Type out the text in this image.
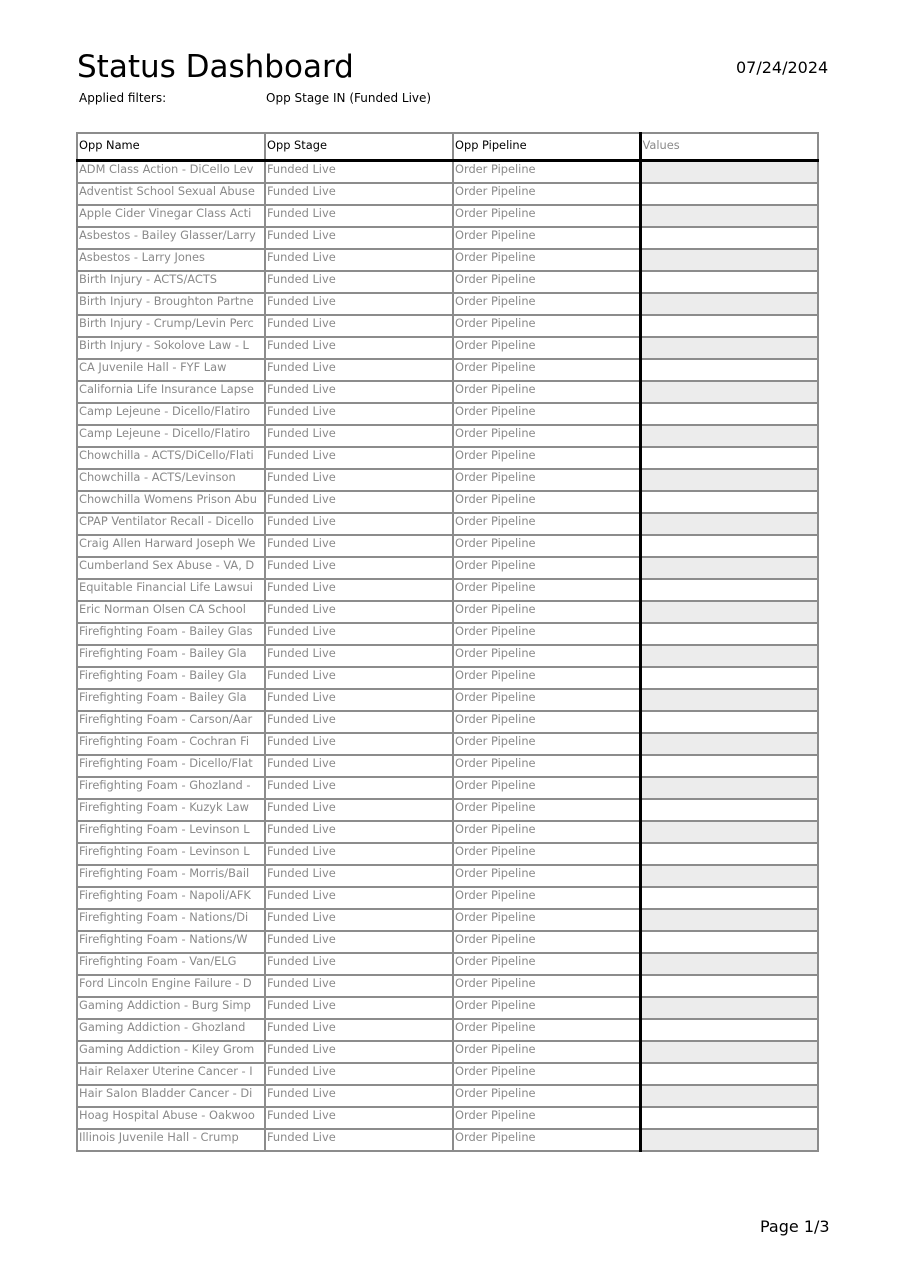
Status Dashboard	07/24/2024
Applied filters:	Opp Stage IN (Funded Live)
Opp Name	Opp Stage	Opp Pipeline	Values
ADM Class Action - DiCello Lev	Funded Live	Order Pipeline	
Adventist School Sexual Abuse	Funded Live	Order Pipeline	
Apple Cider Vinegar Class Acti	Funded Live	Order Pipeline	
Asbestos - Bailey Glasser/Larry	Funded Live	Order Pipeline	
Asbestos - Larry Jones	Funded Live	Order Pipeline	
Birth Injury - ACTS/ACTS	Funded Live	Order Pipeline	
Birth Injury - Broughton Partne	Funded Live	Order Pipeline	
Birth Injury - Crump/Levin Perc	Funded Live	Order Pipeline	
Birth Injury - Sokolove Law - L	Funded Live	Order Pipeline	
CA Juvenile Hall - FYF Law	Funded Live	Order Pipeline	
California Life Insurance Lapse	Funded Live	Order Pipeline	
Camp Lejeune - Dicello/Flatiro	Funded Live	Order Pipeline	
Camp Lejeune - Dicello/Flatiro	Funded Live	Order Pipeline	
Chowchilla - ACTS/DiCello/Flati	Funded Live	Order Pipeline	
Chowchilla - ACTS/Levinson	Funded Live	Order Pipeline	
Chowchilla Womens Prison Abu	Funded Live	Order Pipeline	
CPAP Ventilator Recall - Dicello	Funded Live	Order Pipeline	
Craig Allen Harward Joseph We	Funded Live	Order Pipeline	
Cumberland Sex Abuse - VA, D	Funded Live	Order Pipeline	
Equitable Financial Life Lawsui	Funded Live	Order Pipeline	
Eric Norman Olsen CA School	Funded Live	Order Pipeline	
Firefighting Foam - Bailey Glas	Funded Live	Order Pipeline	
Firefighting Foam - Bailey Gla	Funded Live	Order Pipeline	
Firefighting Foam - Bailey Gla	Funded Live	Order Pipeline	
Firefighting Foam - Bailey Gla	Funded Live	Order Pipeline	
Firefighting Foam - Carson/Aar	Funded Live	Order Pipeline	
Firefighting Foam - Cochran Fi	Funded Live	Order Pipeline	
Firefighting Foam - Dicello/Flat	Funded Live	Order Pipeline	
Firefighting Foam - Ghozland -	Funded Live	Order Pipeline	
Firefighting Foam - Kuzyk Law	Funded Live	Order Pipeline	
Firefighting Foam - Levinson L	Funded Live	Order Pipeline	
Firefighting Foam - Levinson L	Funded Live	Order Pipeline	
Firefighting Foam - Morris/Bail	Funded Live	Order Pipeline	
Firefighting Foam - Napoli/AFK	Funded Live	Order Pipeline	
Firefighting Foam - Nations/Di	Funded Live	Order Pipeline	
Firefighting Foam - Nations/W	Funded Live	Order Pipeline	
Firefighting Foam - Van/ELG	Funded Live	Order Pipeline	
Ford Lincoln Engine Failure - D	Funded Live	Order Pipeline	
Gaming Addiction - Burg Simp	Funded Live	Order Pipeline	
Gaming Addiction - Ghozland	Funded Live	Order Pipeline	
Gaming Addiction - Kiley Grom	Funded Live	Order Pipeline	
Hair Relaxer Uterine Cancer - I	Funded Live	Order Pipeline	
Hair Salon Bladder Cancer - Di	Funded Live	Order Pipeline	
Hoag Hospital Abuse - Oakwoo	Funded Live	Order Pipeline	
Illinois Juvenile Hall - Crump	Funded Live	Order Pipeline	
Page 1/3
